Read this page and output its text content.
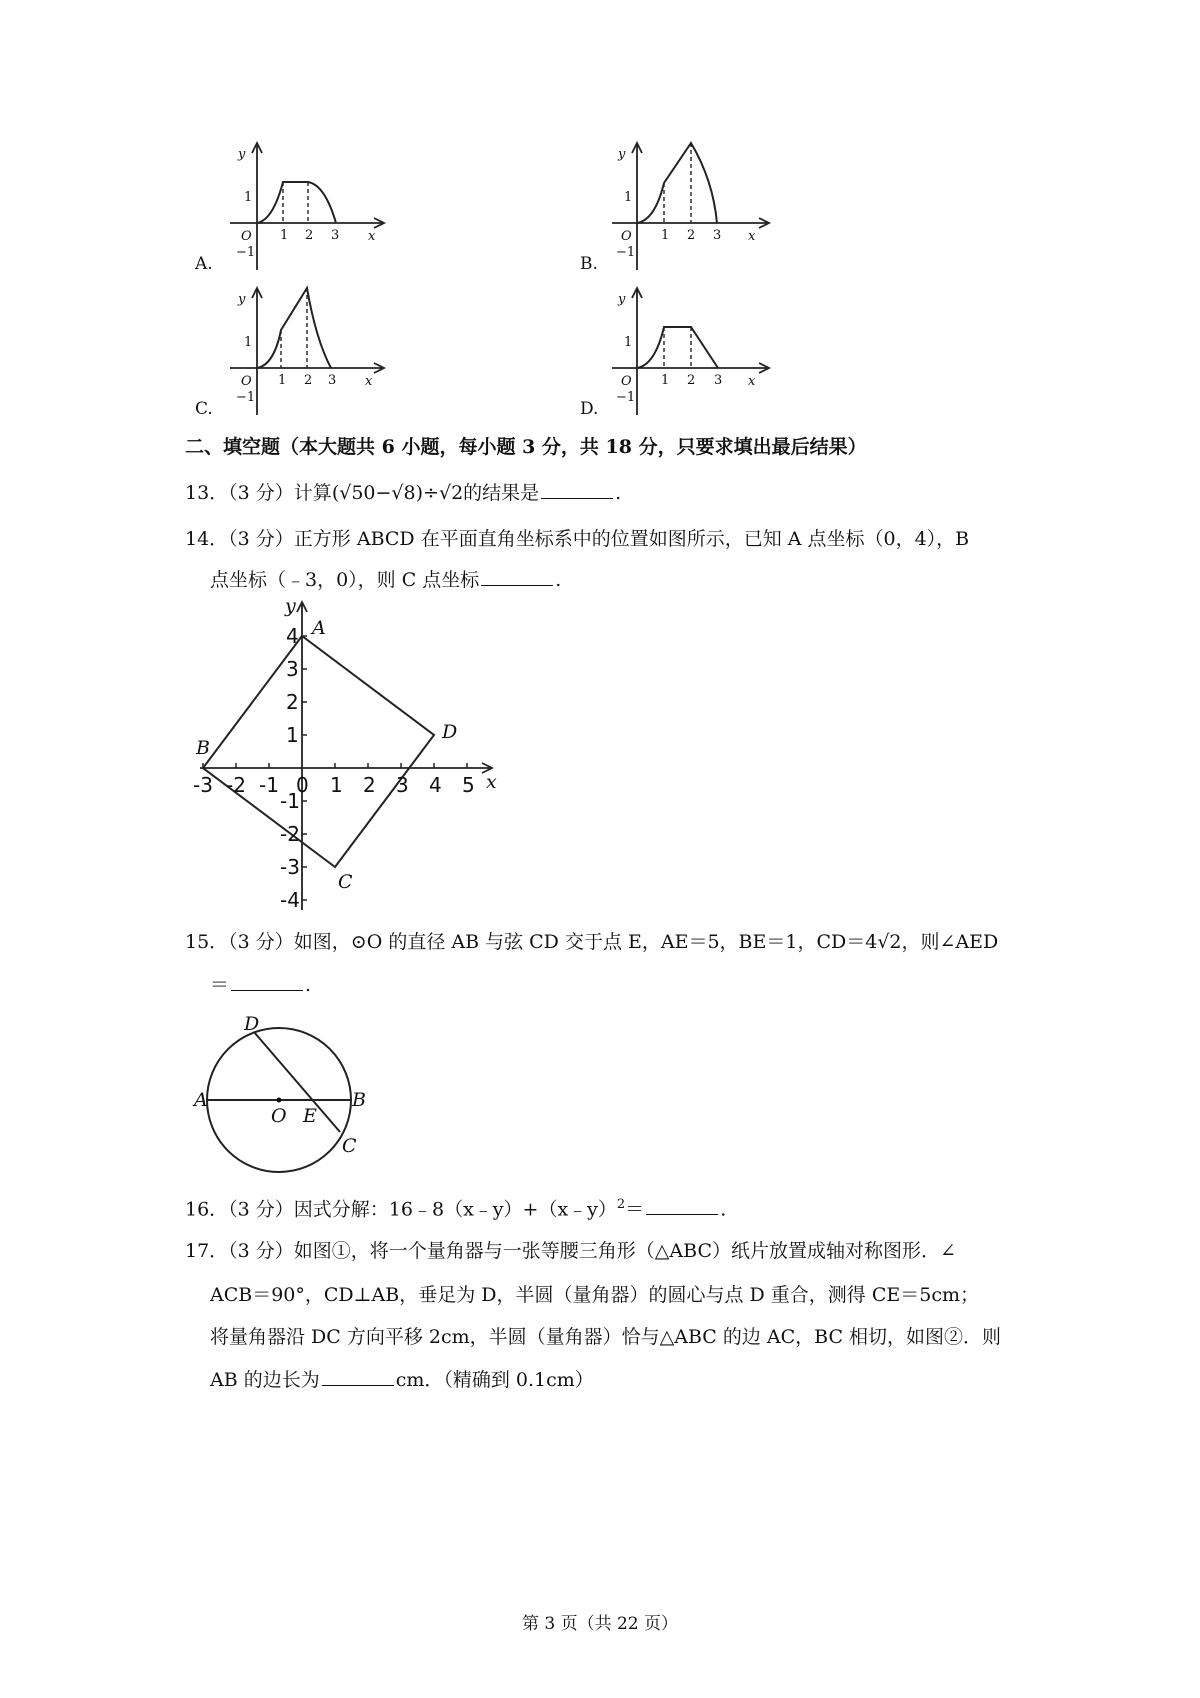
y
x
O 1 2 3
1
−1
A.
y
x
O 1 2 3
1
−1
B.
y
x
O 1 2 3
1
−1
C.
y
x
O 1 2 3
1
−1
D.
二、填空题（本大题共 6 小题，每小题 3 分，共 18 分，只要求填出最后结果）
13．（3 分）计算(√50−√8)÷√2的结果是	.
14．（3 分）正方形 ABCD 在平面直角坐标系中的位置如图所示，已知 A 点坐标（0，4），B
点坐标（﹣3，0），则 C 点坐标	.
y
x
-3 -2 -1 0 1 2 3 4 5
4
3
2
1
-1
-2
-3
-4
A
B
C
D
15．（3 分）如图，⊙O 的直径 AB 与弦 CD 交于点 E，AE＝5，BE＝1，CD＝4√2，则∠AED
＝	.
A	B
C
D
E
O
16．（3 分）因式分解：16﹣8（x﹣y）+（x﹣y）$^2$＝	.
17．（3 分）如图①，将一个量角器与一张等腰三角形（△ABC）纸片放置成轴对称图形．∠
ACB＝90°，CD⊥AB，垂足为 D，半圆（量角器）的圆心与点 D 重合，测得 CE＝5cm；
将量角器沿 DC 方向平移 2cm，半圆（量角器）恰与△ABC 的边 AC，BC 相切，如图②．则
AB 的边长为	cm．（精确到 0.1cm）
第 3 页（共 22 页）
